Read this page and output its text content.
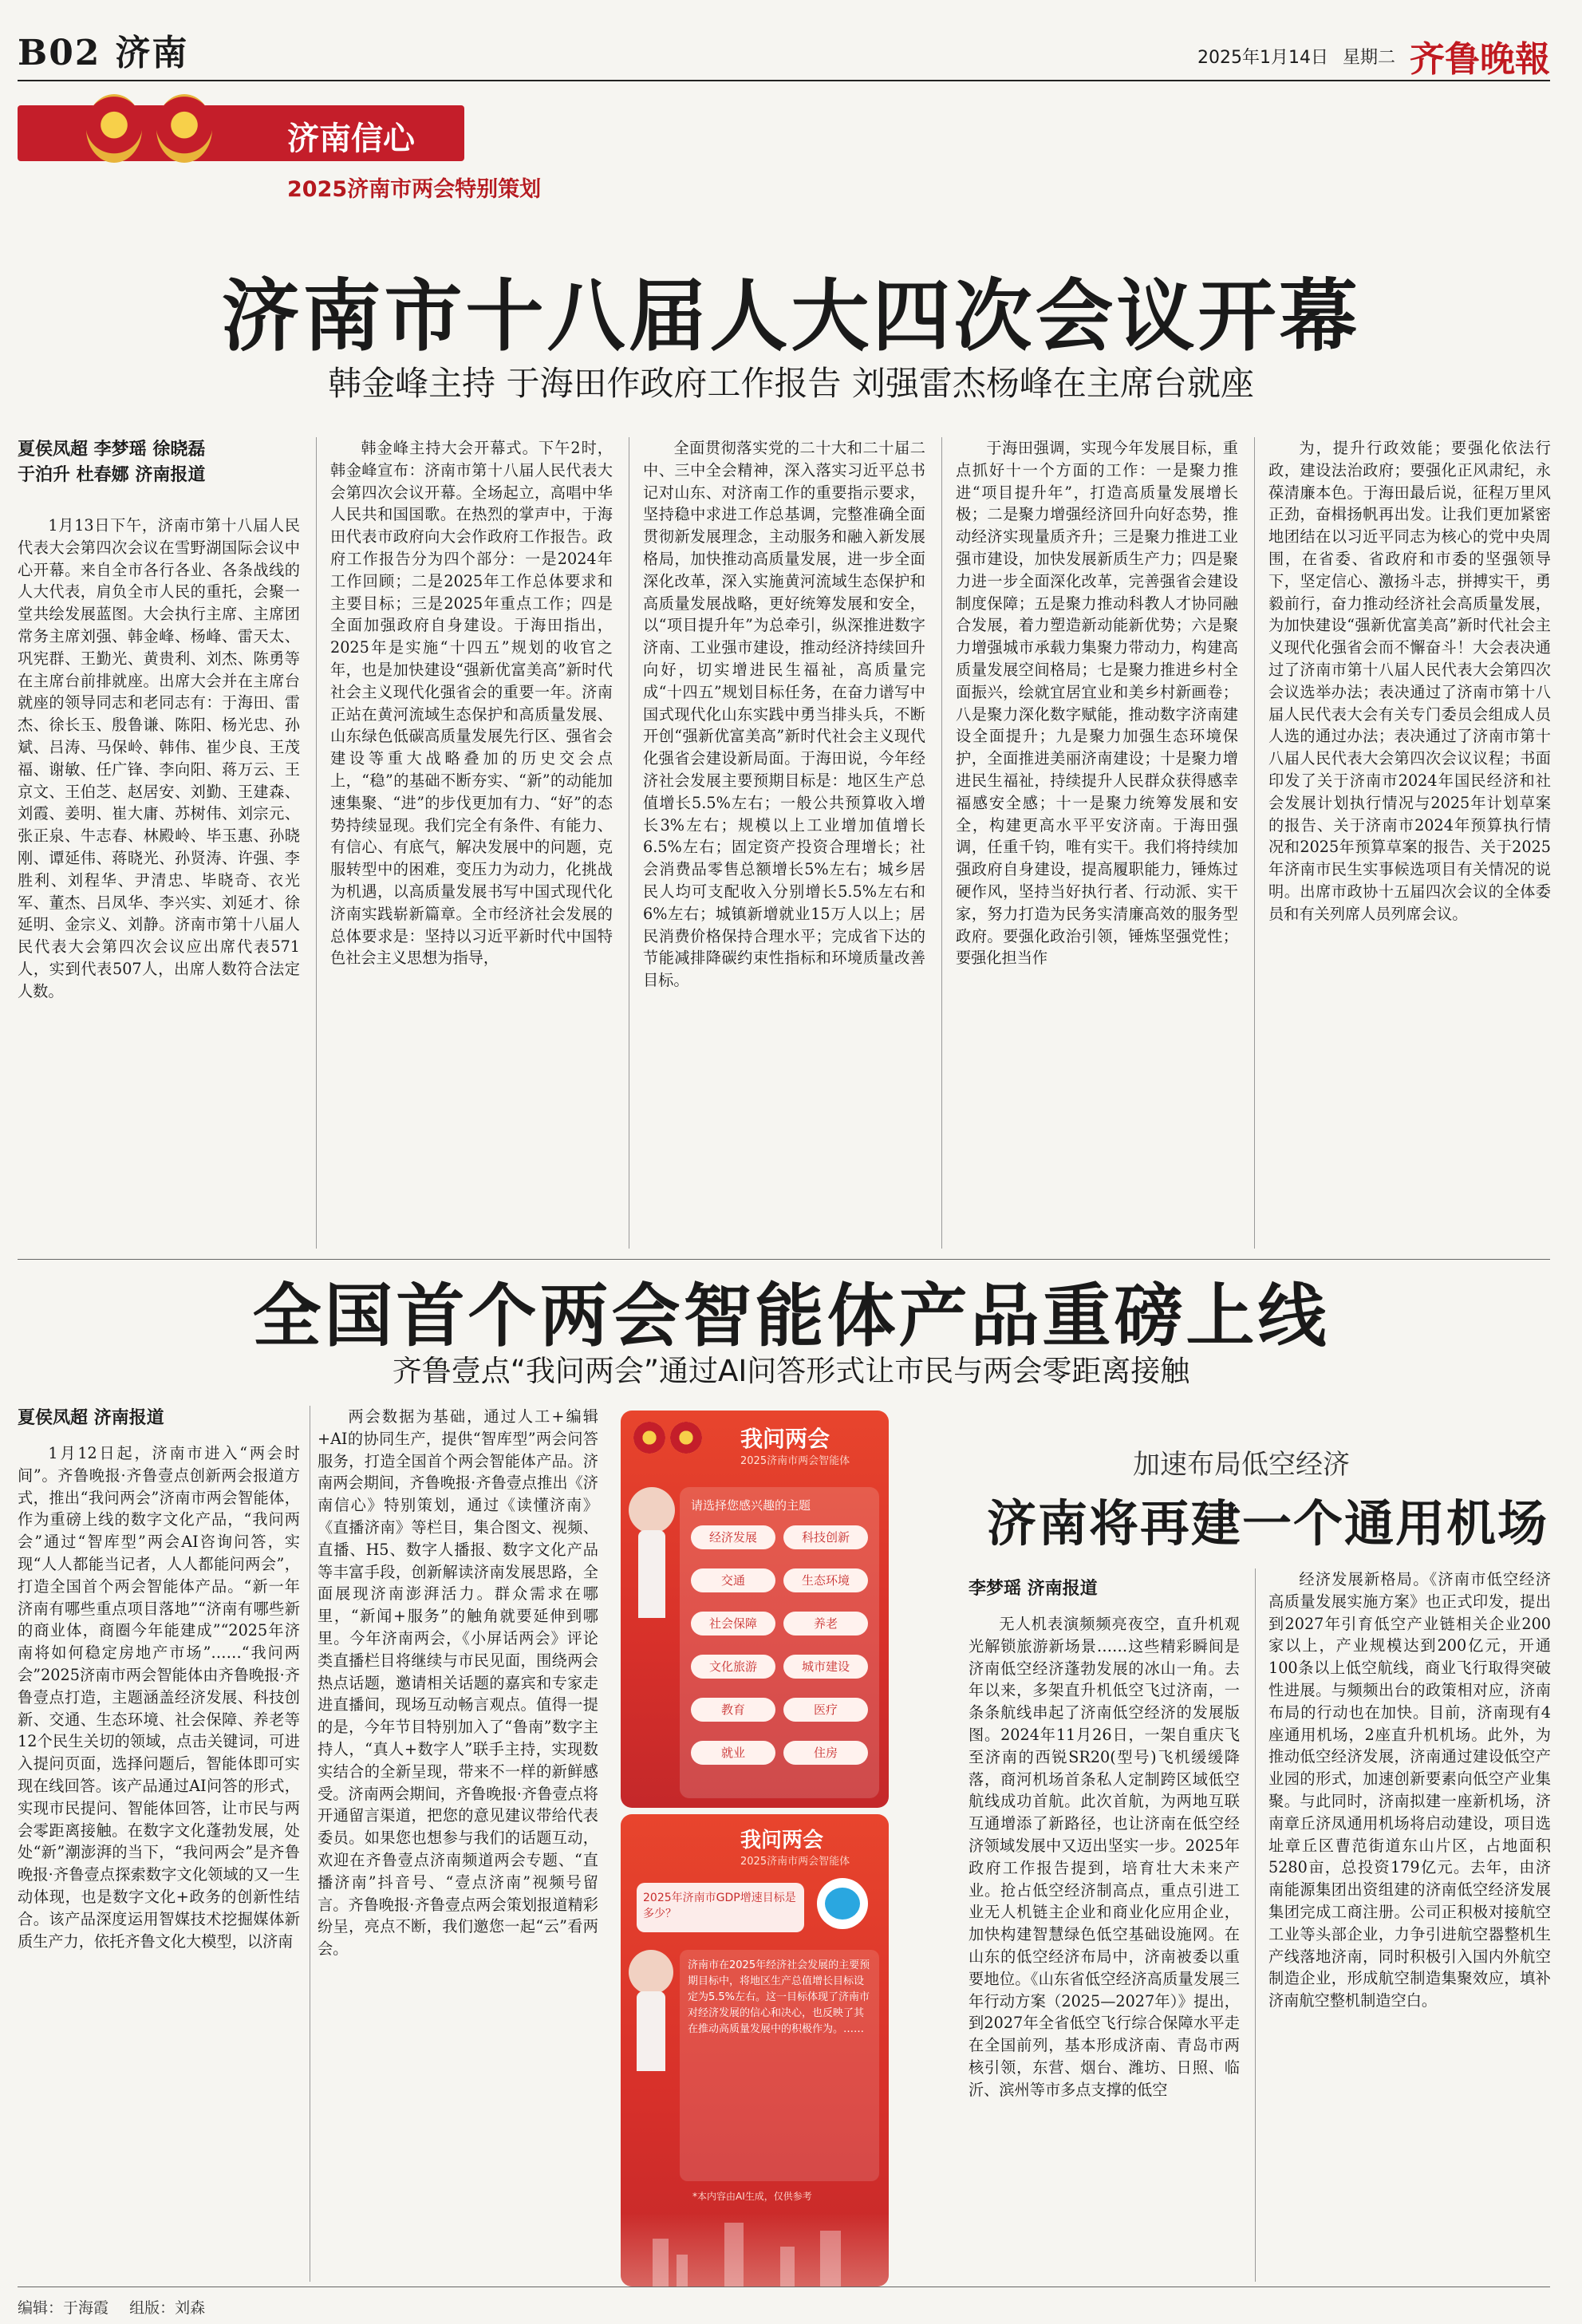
B02 济南	2025年1月14日 星期二 齐鲁晚報
济南信心
2025济南市两会特别策划
济南市十八届人大四次会议开幕
韩金峰主持 于海田作政府工作报告 刘强雷杰杨峰在主席台就座
夏侯凤超 李梦瑶 徐晓磊
于泊升 杜春娜 济南报道

1月13日下午，济南市第十八届人民代表大会第四次会议在雪野湖国际会议中心开幕。来自全市各行各业、各条战线的人大代表，肩负全市人民的重托，会聚一堂共绘发展蓝图。大会执行主席、主席团常务主席刘强、韩金峰、杨峰、雷天太、巩宪群、王勤光、黄贵利、刘杰、陈勇等在主席台前排就座。出席大会并在主席台就座的领导同志和老同志有：于海田、雷杰、徐长玉、殷鲁谦、陈阳、杨光忠、孙斌、吕涛、马保岭、韩伟、崔少良、王茂福、谢敏、任广锋、李向阳、蒋万云、王京文、王伯芝、赵居安、刘勤、王建森、刘霞、姜明、崔大庸、苏树伟、刘宗元、张正泉、牛志春、林殿岭、毕玉惠、孙晓刚、谭延伟、蒋晓光、孙贤涛、许强、李胜利、刘程华、尹清忠、毕晓奇、衣光军、董杰、吕凤华、李兴实、刘延才、徐延明、金宗义、刘静。济南市第十八届人民代表大会第四次会议应出席代表571人，实到代表507人，出席人数符合法定人数。

韩金峰主持大会开幕式。下午2时，韩金峰宣布：济南市第十八届人民代表大会第四次会议开幕。全场起立，高唱中华人民共和国国歌。在热烈的掌声中，于海田代表市政府向大会作政府工作报告。政府工作报告分为四个部分：一是2024年工作回顾；二是2025年工作总体要求和主要目标；三是2025年重点工作；四是全面加强政府自身建设。于海田指出，2025年是实施“十四五”规划的收官之年，也是加快建设“强新优富美高”新时代社会主义现代化强省会的重要一年。济南正站在黄河流域生态保护和高质量发展、山东绿色低碳高质量发展先行区、强省会建设等重大战略叠加的历史交会点上，“稳”的基础不断夯实、“新”的动能加速集聚、“进”的步伐更加有力、“好”的态势持续显现。我们完全有条件、有能力、有信心、有底气，解决发展中的问题，克服转型中的困难，变压力为动力，化挑战为机遇，以高质量发展书写中国式现代化济南实践崭新篇章。全市经济社会发展的总体要求是：坚持以习近平新时代中国特色社会主义思想为指导，

全面贯彻落实党的二十大和二十届二中、三中全会精神，深入落实习近平总书记对山东、对济南工作的重要指示要求，坚持稳中求进工作总基调，完整准确全面贯彻新发展理念，主动服务和融入新发展格局，加快推动高质量发展，进一步全面深化改革，深入实施黄河流域生态保护和高质量发展战略，更好统筹发展和安全，以“项目提升年”为总牵引，纵深推进数字济南、工业强市建设，推动经济持续回升向好，切实增进民生福祉，高质量完成“十四五”规划目标任务，在奋力谱写中国式现代化山东实践中勇当排头兵，不断开创“强新优富美高”新时代社会主义现代化强省会建设新局面。于海田说，今年经济社会发展主要预期目标是：地区生产总值增长5.5%左右；一般公共预算收入增长3%左右；规模以上工业增加值增长6.5%左右；固定资产投资合理增长；社会消费品零售总额增长5%左右；城乡居民人均可支配收入分别增长5.5%左右和6%左右；城镇新增就业15万人以上；居民消费价格保持合理水平；完成省下达的节能减排降碳约束性指标和环境质量改善目标。

于海田强调，实现今年发展目标，重点抓好十一个方面的工作：一是聚力推进“项目提升年”，打造高质量发展增长极；二是聚力增强经济回升向好态势，推动经济实现量质齐升；三是聚力推进工业强市建设，加快发展新质生产力；四是聚力进一步全面深化改革，完善强省会建设制度保障；五是聚力推动科教人才协同融合发展，着力塑造新动能新优势；六是聚力增强城市承载力集聚力带动力，构建高质量发展空间格局；七是聚力推进乡村全面振兴，绘就宜居宜业和美乡村新画卷；八是聚力深化数字赋能，推动数字济南建设全面提升；九是聚力加强生态环境保护，全面推进美丽济南建设；十是聚力增进民生福祉，持续提升人民群众获得感幸福感安全感；十一是聚力统筹发展和安全，构建更高水平平安济南。于海田强调，任重千钧，唯有实干。我们将持续加强政府自身建设，提高履职能力，锤炼过硬作风，坚持当好执行者、行动派、实干家，努力打造为民务实清廉高效的服务型政府。要强化政治引领，锤炼坚强党性；要强化担当作

为，提升行政效能；要强化依法行政，建设法治政府；要强化正风肃纪，永葆清廉本色。于海田最后说，征程万里风正劲，奋楫扬帆再出发。让我们更加紧密地团结在以习近平同志为核心的党中央周围，在省委、省政府和市委的坚强领导下，坚定信心、激扬斗志，拼搏实干，勇毅前行，奋力推动经济社会高质量发展，为加快建设“强新优富美高”新时代社会主义现代化强省会而不懈奋斗！大会表决通过了济南市第十八届人民代表大会第四次会议选举办法；表决通过了济南市第十八届人民代表大会有关专门委员会组成人员人选的通过办法；表决通过了济南市第十八届人民代表大会第四次会议议程；书面印发了关于济南市2024年国民经济和社会发展计划执行情况与2025年计划草案的报告、关于济南市2024年预算执行情况和2025年预算草案的报告、关于2025年济南市民生实事候选项目有关情况的说明。出席市政协十五届四次会议的全体委员和有关列席人员列席会议。

全国首个两会智能体产品重磅上线
齐鲁壹点“我问两会”通过AI问答形式让市民与两会零距离接触
夏侯凤超 济南报道

1月12日起，济南市进入“两会时间”。齐鲁晚报·齐鲁壹点创新两会报道方式，推出“我问两会”济南市两会智能体，作为重磅上线的数字文化产品，“我问两会”通过“智库型”两会AI咨询问答，实现“人人都能当记者，人人都能问两会”，打造全国首个两会智能体产品。“新一年济南有哪些重点项目落地”“济南有哪些新的商业体，商圈今年能建成”“2025年济南将如何稳定房地产市场”……“我问两会”2025济南市两会智能体由齐鲁晚报·齐鲁壹点打造，主题涵盖经济发展、科技创新、交通、生态环境、社会保障、养老等12个民生关切的领域，点击关键词，可进入提问页面，选择问题后，智能体即可实现在线回答。该产品通过AI问答的形式，实现市民提问、智能体回答，让市民与两会零距离接触。在数字文化蓬勃发展，处处“新”潮澎湃的当下，“我问两会”是齐鲁晚报·齐鲁壹点探索数字文化领域的又一生动体现，也是数字文化+政务的创新性结合。该产品深度运用智媒技术挖掘媒体新质生产力，依托齐鲁文化大模型，以济南

两会数据为基础，通过人工+编辑+AI的协同生产，提供“智库型”两会问答服务，打造全国首个两会智能体产品。济南两会期间，齐鲁晚报·齐鲁壹点推出《济南信心》特别策划，通过《读懂济南》《直播济南》等栏目，集合图文、视频、直播、H5、数字人播报、数字文化产品等丰富手段，创新解读济南发展思路，全面展现济南澎湃活力。群众需求在哪里，“新闻+服务”的触角就要延伸到哪里。今年济南两会，《小屏话两会》评论类直播栏目将继续与市民见面，围绕两会热点话题，邀请相关话题的嘉宾和专家走进直播间，现场互动畅言观点。值得一提的是，今年节目特别加入了“鲁南”数字主持人，“真人+数字人”联手主持，实现数实结合的全新呈现，带来不一样的新鲜感受。济南两会期间，齐鲁晚报·齐鲁壹点将开通留言渠道，把您的意见建议带给代表委员。如果您也想参与我们的话题互动，欢迎在齐鲁壹点济南频道两会专题、“直播济南”抖音号、“壹点济南”视频号留言。齐鲁晚报·齐鲁壹点两会策划报道精彩纷呈，亮点不断，我们邀您一起“云”看两会。

我问两会
2025济南市两会智能体
请选择您感兴趣的主题
经济发展	科技创新
交通	生态环境
社会保障	养老
文化旅游	城市建设
教育	医疗
就业	住房
我问两会
2025济南市两会智能体
2025年济南市GDP增速目标是多少？
济南市在2025年经济社会发展的主要预期目标中，将地区生产总值增长目标设定为5.5%左右。这一目标体现了济南市对经济发展的信心和决心，也反映了其在推动高质量发展中的积极作为。……
*本内容由AI生成，仅供参考
加速布局低空经济
济南将再建一个通用机场
李梦瑶 济南报道

无人机表演频频亮夜空，直升机观光解锁旅游新场景……这些精彩瞬间是济南低空经济蓬勃发展的冰山一角。去年以来，多架直升机低空飞过济南，一条条航线串起了济南低空经济的发展版图。2024年11月26日，一架自重庆飞至济南的西锐SR20(型号)飞机缓缓降落，商河机场首条私人定制跨区域低空航线成功首航。此次首航，为两地互联互通增添了新路径，也让济南在低空经济领域发展中又迈出坚实一步。2025年政府工作报告提到，培育壮大未来产业。抢占低空经济制高点，重点引进工业无人机链主企业和商业化应用企业，加快构建智慧绿色低空基础设施网。在山东的低空经济布局中，济南被委以重要地位。《山东省低空经济高质量发展三年行动方案（2025—2027年）》提出，到2027年全省低空飞行综合保障水平走在全国前列，基本形成济南、青岛市两核引领，东营、烟台、潍坊、日照、临沂、滨州等市多点支撑的低空

经济发展新格局。《济南市低空经济高质量发展实施方案》也正式印发，提出到2027年引育低空产业链相关企业200家以上，产业规模达到200亿元，开通100条以上低空航线，商业飞行取得突破性进展。与频频出台的政策相对应，济南布局的行动也在加快。目前，济南现有4座通用机场，2座直升机机场。此外，为推动低空经济发展，济南通过建设低空产业园的形式，加速创新要素向低空产业集聚。与此同时，济南拟建一座新机场，济南章丘济凤通用机场将启动建设，项目选址章丘区曹范街道东山片区，占地面积5280亩，总投资179亿元。去年，由济南能源集团出资组建的济南低空经济发展集团完成工商注册。公司正积极对接航空工业等头部企业，力争引进航空器整机生产线落地济南，同时积极引入国内外航空制造企业，形成航空制造集聚效应，填补济南航空整机制造空白。

编辑：于海霞 组版：刘森
